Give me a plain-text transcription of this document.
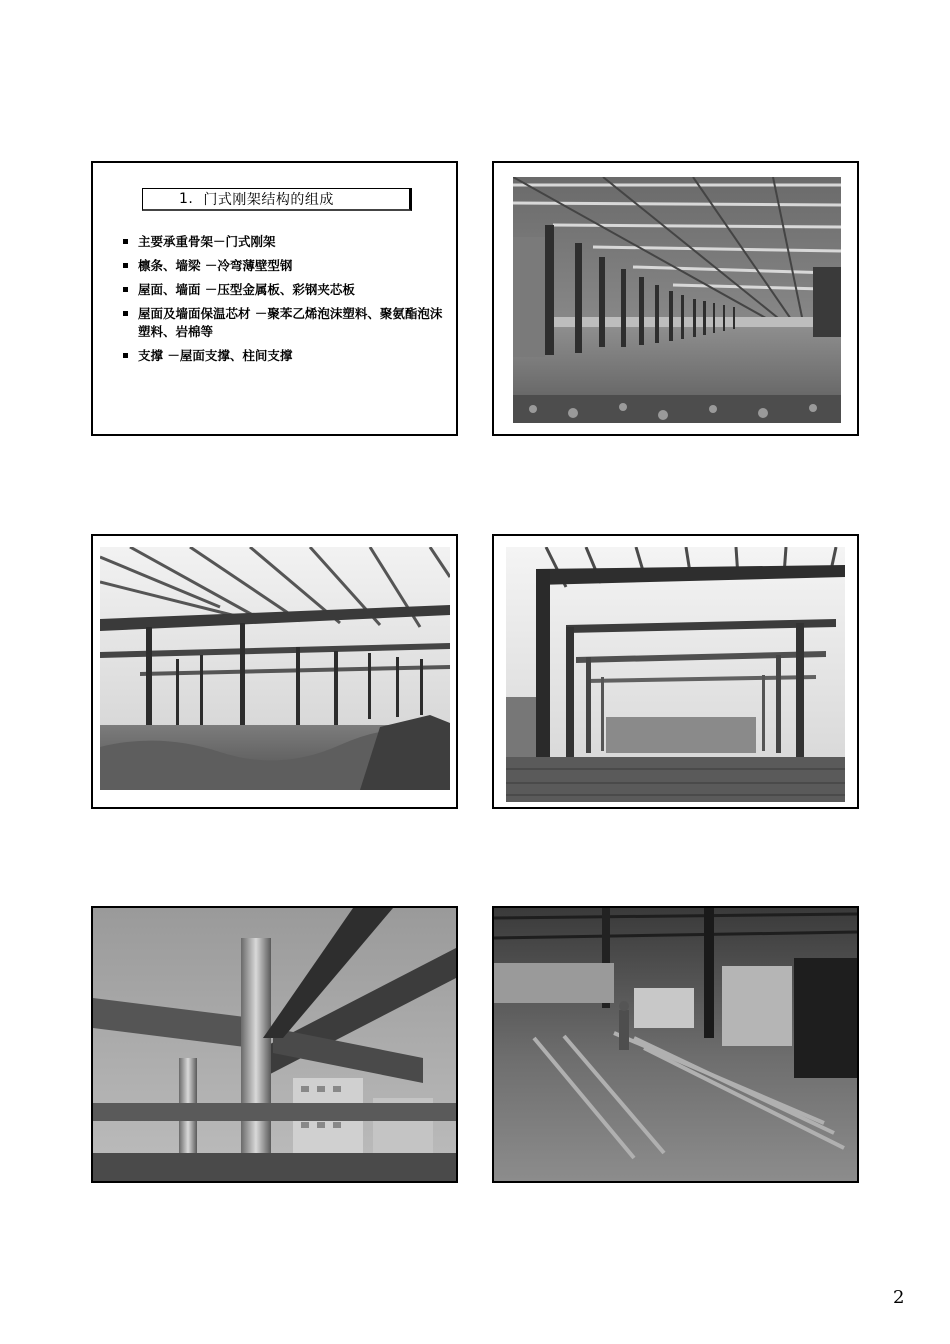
1. 门式刚架结构的组成
主要承重骨架－门式刚架
檩条、墙梁 －冷弯薄壁型钢
屋面、墙面 －压型金属板、彩钢夹芯板
屋面及墙面保温芯材 －聚苯乙烯泡沫塑料、聚氨酯泡沫塑料、岩棉等
支撑 －屋面支撑、柱间支撑
2
